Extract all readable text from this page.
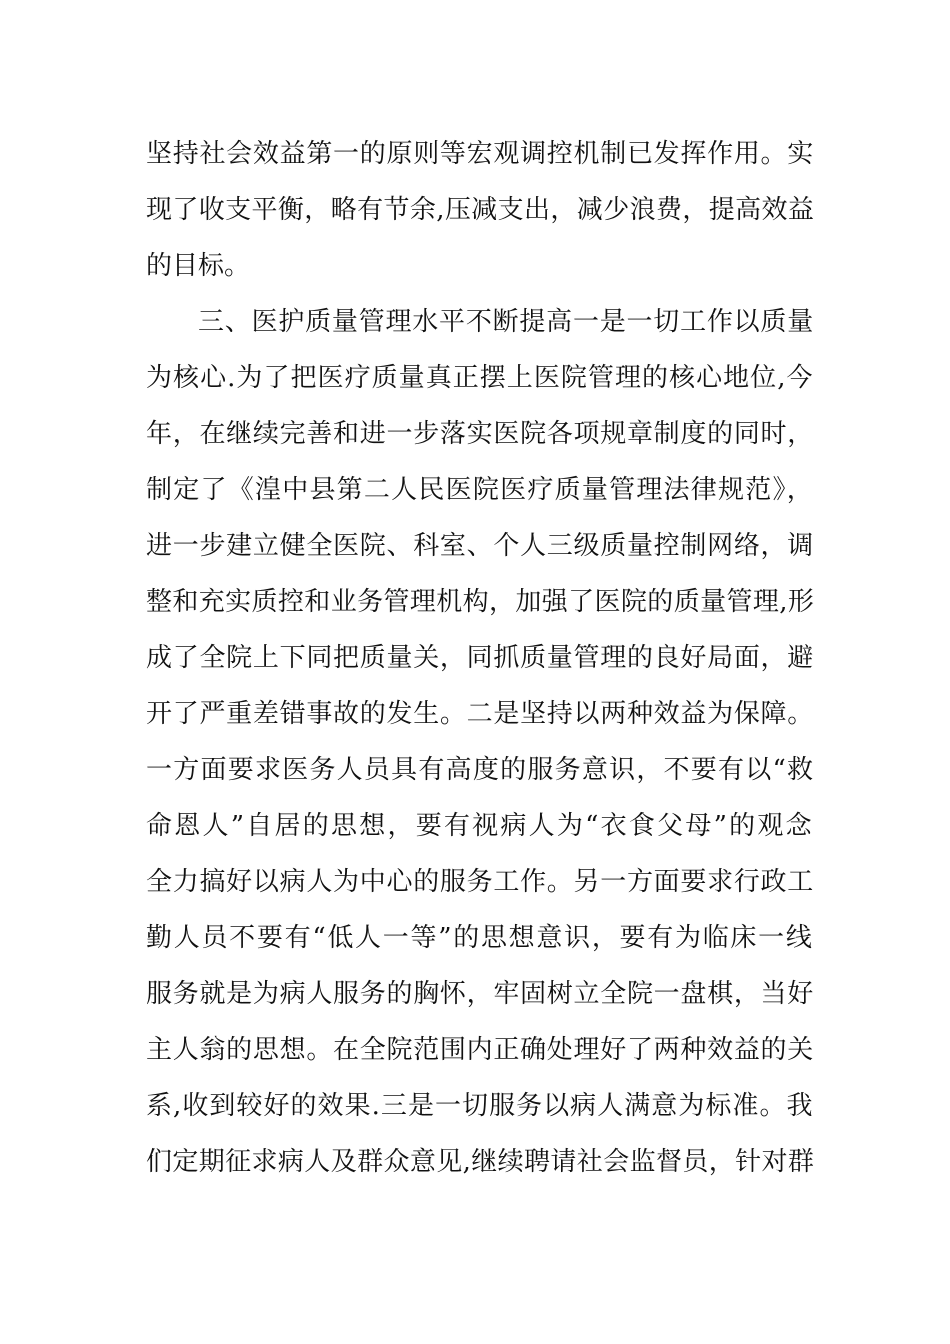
坚持社会效益第一的原则等宏观调控机制已发挥作用。实
现了收支平衡，略有节余,压减支出，减少浪费，提高效益
的目标。
三、医护质量管理水平不断提高一是一切工作以质量
为核心.为了把医疗质量真正摆上医院管理的核心地位,今
年，在继续完善和进一步落实医院各项规章制度的同时，
制定了《湟中县第二人民医院医疗质量管理法律规范》，
进一步建立健全医院、科室、个人三级质量控制网络，调
整和充实质控和业务管理机构，加强了医院的质量管理,形
成了全院上下同把质量关，同抓质量管理的良好局面，避
开了严重差错事故的发生。二是坚持以两种效益为保障。
一方面要求医务人员具有高度的服务意识，不要有以“救
命恩人”自居的思想，要有视病人为“衣食父母”的观念
全力搞好以病人为中心的服务工作。另一方面要求行政工
勤人员不要有“低人一等”的思想意识，要有为临床一线
服务就是为病人服务的胸怀，牢固树立全院一盘棋，当好
主人翁的思想。在全院范围内正确处理好了两种效益的关
系,收到较好的效果.三是一切服务以病人满意为标准。我
们定期征求病人及群众意见,继续聘请社会监督员，针对群
